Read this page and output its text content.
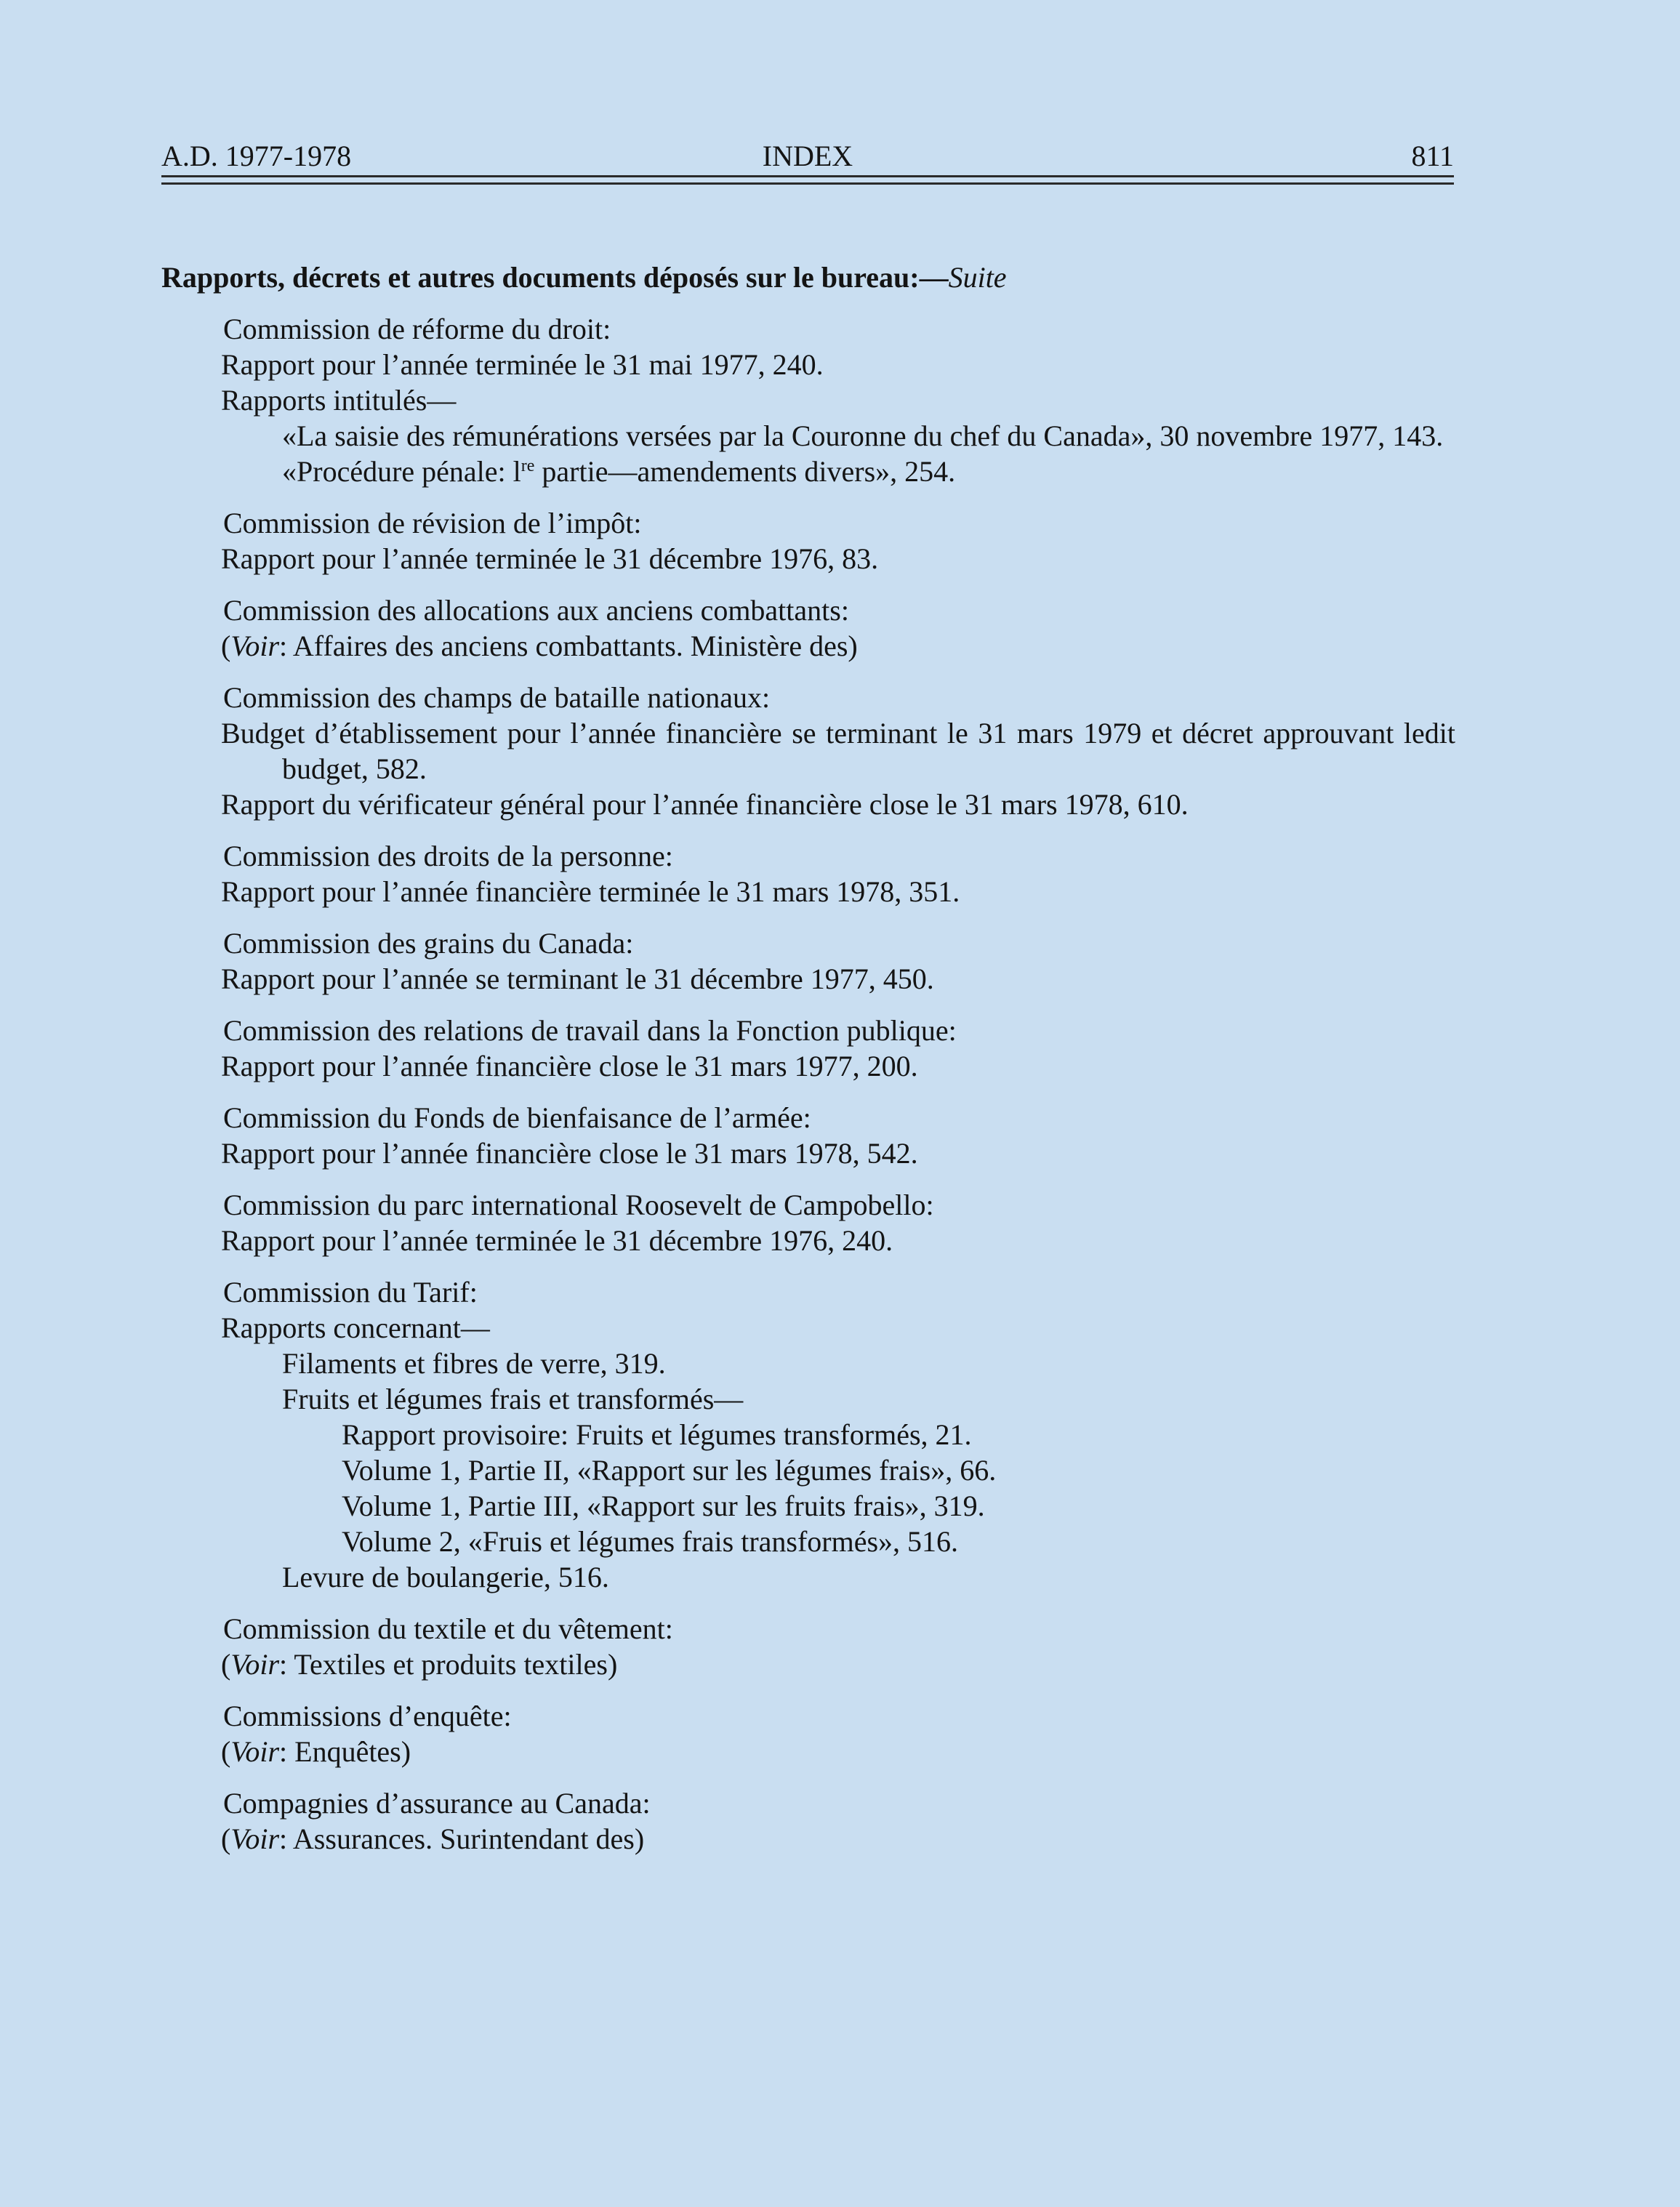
A.D. 1977-1978	INDEX	811
Rapports, décrets et autres documents déposés sur le bureau:—Suite
Commission de réforme du droit:
Rapport pour l’année terminée le 31 mai 1977, 240.
Rapports intitulés—
«La saisie des rémunérations versées par la Couronne du chef du Canada», 30 novembre 1977, 143.
«Procédure pénale: $l^{re}$ partie—amendements divers», 254.
Commission de révision de l’impôt:
Rapport pour l’année terminée le 31 décembre 1976, 83.
Commission des allocations aux anciens combattants:
(Voir: Affaires des anciens combattants. Ministère des)
Commission des champs de bataille nationaux:
Budget d’établissement pour l’année financière se terminant le 31 mars 1979 et décret approuvant ledit budget, 582.
Rapport du vérificateur général pour l’année financière close le 31 mars 1978, 610.
Commission des droits de la personne:
Rapport pour l’année financière terminée le 31 mars 1978, 351.
Commission des grains du Canada:
Rapport pour l’année se terminant le 31 décembre 1977, 450.
Commission des relations de travail dans la Fonction publique:
Rapport pour l’année financière close le 31 mars 1977, 200.
Commission du Fonds de bienfaisance de l’armée:
Rapport pour l’année financière close le 31 mars 1978, 542.
Commission du parc international Roosevelt de Campobello:
Rapport pour l’année terminée le 31 décembre 1976, 240.
Commission du Tarif:
Rapports concernant—
Filaments et fibres de verre, 319.
Fruits et légumes frais et transformés—
Rapport provisoire: Fruits et légumes transformés, 21.
Volume 1, Partie II, «Rapport sur les légumes frais», 66.
Volume 1, Partie III, «Rapport sur les fruits frais», 319.
Volume 2, «Fruis et légumes frais transformés», 516.
Levure de boulangerie, 516.
Commission du textile et du vêtement:
(Voir: Textiles et produits textiles)
Commissions d’enquête:
(Voir: Enquêtes)
Compagnies d’assurance au Canada:
(Voir: Assurances. Surintendant des)
